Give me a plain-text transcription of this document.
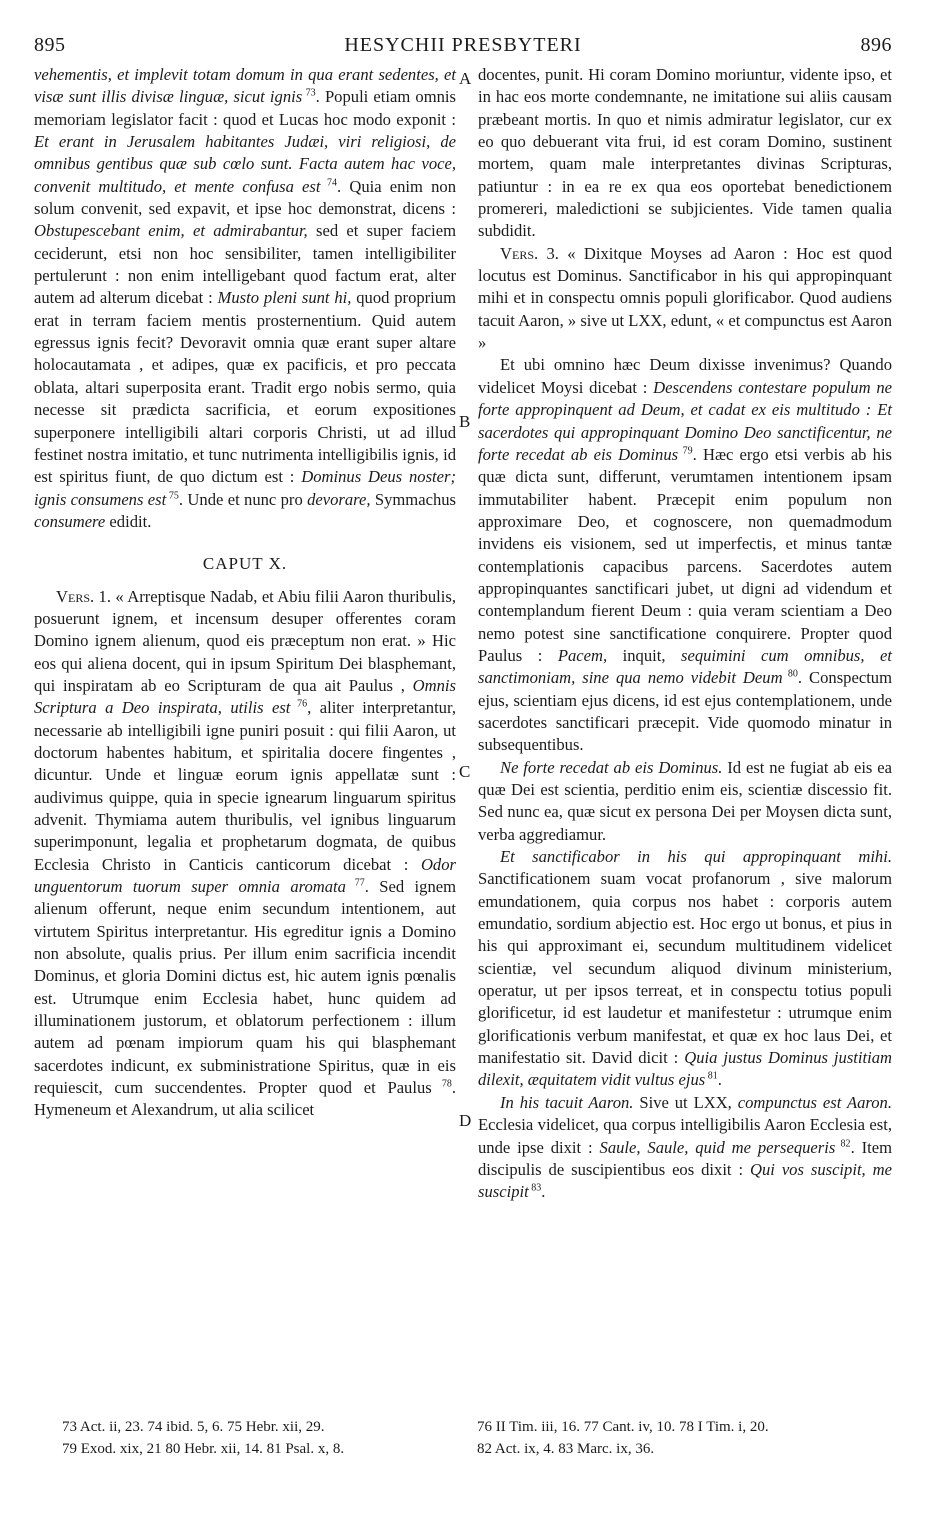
895	HESYCHII PRESBYTERI	896

vehementis, et implevit totam domum in qua erant sedentes, et visæ sunt illis divisæ linguæ, sicut ignis $^{73}$. Populi etiam omnis memoriam legislator facit : quod et Lucas hoc modo exponit : Et erant in Jerusalem habitantes Judæi, viri religiosi, de omnibus gentibus quæ sub cœlo sunt. Facta autem hac voce, convenit multitudo, et mente confusa est $^{74}$. Quia enim non solum convenit, sed expavit, et ipse hoc demonstrat, dicens : Obstupescebant enim, et admirabantur, sed et super faciem ceciderunt, etsi non hoc sensibiliter, tamen intelligibiliter pertulerunt : non enim intelligebant quod factum erat, alter autem ad alterum dicebat : Musto pleni sunt hi, quod proprium erat in terram faciem mentis prosternentium. Quid autem egressus ignis fecit? Devoravit omnia quæ erant super altare holocautamata , et adipes, quæ ex pacificis, et pro peccata oblata, altari superposita erant. Tradit ergo nobis sermo, quia necesse sit prædicta sacrificia, et eorum expositiones superponere intelligibili altari corporis Christi, ut ad illud festinet nostra imitatio, et tunc nutrimenta intelligibilis ignis, id est spiritus fiunt, de quo dictum est : Dominus Deus noster; ignis consumens est $^{75}$. Unde et nunc pro devorare, Symmachus consumere edidit.

CAPUT X.

Vers. 1. « Arreptisque Nadab, et Abiu filii Aaron thuribulis, posuerunt ignem, et incensum desuper offerentes coram Domino ignem alienum, quod eis præceptum non erat. » Hic eos qui aliena docent, qui in ipsum Spiritum Dei blasphemant, qui inspiratam ab eo Scripturam de qua ait Paulus , Omnis Scriptura a Deo inspirata, utilis est $^{76}$, aliter interpretantur, necessarie ab intelligibili igne puniri posuit : qui filii Aaron, ut doctorum habentes habitum, et spiritalia docere fingentes , dicuntur. Unde et linguæ eorum ignis appellatæ sunt : audivimus quippe, quia in specie ignearum linguarum spiritus advenit. Thymiama autem thuribulis, vel ignibus linguarum superimponunt, legalia et prophetarum dogmata, de quibus Ecclesia Christo in Canticis canticorum dicebat : Odor unguentorum tuorum super omnia aromata $^{77}$. Sed ignem alienum offerunt, neque enim secundum intentionem, aut virtutem Spiritus interpretantur. His egreditur ignis a Domino non absolute, qualis prius. Per illum enim sacrificia incendit Dominus, et gloria Domini dictus est, hic autem ignis pœnalis est. Utrumque enim Ecclesia habet, hunc quidem ad illuminationem justorum, et oblatorum perfectionem : illum autem ad pœnam impiorum quam his qui blasphemant sacerdotes indicunt, ex subministratione Spiritus, quæ in eis requiescit, cum succendentes. Propter quod et Paulus $^{78}$. Hymeneum et Alexandrum, ut alia scilicet

docentes, punit. Hi coram Domino moriuntur, vidente ipso, et in hac eos morte condemnante, ne imitatione sui aliis causam præbeant mortis. In quo et nimis admiratur legislator, cur ex eo quo debuerant vita frui, id est coram Domino, sustinent mortem, quam male interpretantes divinas Scripturas, patiuntur : in ea re ex qua eos oportebat benedictionem promereri, maledictioni se subjicientes. Vide tamen qualia subdidit.

Vers. 3. « Dixitque Moyses ad Aaron : Hoc est quod locutus est Dominus. Sanctificabor in his qui appropinquant mihi et in conspectu omnis populi glorificabor. Quod audiens tacuit Aaron, » sive ut LXX, edunt, « et compunctus est Aaron »

Et ubi omnino hæc Deum dixisse invenimus? Quando videlicet Moysi dicebat : Descendens contestare populum ne forte appropinquent ad Deum, et cadat ex eis multitudo : Et sacerdotes qui appropinquant Domino Deo sanctificentur, ne forte recedat ab eis Dominus $^{79}$. Hæc ergo etsi verbis ab his quæ dicta sunt, differunt, verumtamen intentionem ipsam immutabiliter habent. Præcepit enim populum non approximare Deo, et cognoscere, non quemadmodum invidens eis visionem, sed ut imperfectis, et minus tantæ contemplationis capacibus parcens. Sacerdotes autem appropinquantes sanctificari jubet, ut digni ad videndum et contemplandum fierent Deum : quia veram scientiam a Deo nemo potest sine sanctificatione conquirere. Propter quod Paulus : Pacem, inquit, sequimini cum omnibus, et sanctimoniam, sine qua nemo videbit Deum $^{80}$. Conspectum ejus, scientiam ejus dicens, id est ejus contemplationem, unde sacerdotes sanctificari præcepit. Vide quomodo minatur in subsequentibus.

Ne forte recedat ab eis Dominus. Id est ne fugiat ab eis ea quæ Dei est scientia, perditio enim eis, scientiæ discessio fit. Sed nunc ea, quæ sicut ex persona Dei per Moysen dicta sunt, verba aggrediamur.

Et sanctificabor in his qui appropinquant mihi. Sanctificationem suam vocat profanorum , sive malorum emundationem, quia corpus nos habet : corporis autem emundatio, sordium abjectio est. Hoc ergo ut bonus, et pius in his qui approximant ei, secundum multitudinem videlicet scientiæ, vel secundum aliquod divinum ministerium, operatur, ut per ipsos terreat, et in conspectu totius populi glorificetur, id est laudetur et manifestetur : utrumque enim glorificationis verbum manifestat, et quæ ex hoc laus Dei, et manifestatio sit. David dicit : Quia justus Dominus justitiam dilexit, æquitatem vidit vultus ejus $^{81}$.

In his tacuit Aaron. Sive ut LXX, compunctus est Aaron. Ecclesia videlicet, qua corpus intelligibilis Aaron Ecclesia est, unde ipse dixit : Saule, Saule, quid me persequeris $^{82}$. Item discipulis de suscipientibus eos dixit : Qui vos suscipit, me suscipit $^{83}$.

A
B
C
D
73 Act. ii, 23. 74 ibid. 5, 6. 75 Hebr. xii, 29.	76 II Tim. iii, 16. 77 Cant. iv, 10. 78 I Tim. i, 20.
79 Exod. xix, 21 80 Hebr. xii, 14. 81 Psal. x, 8.	82 Act. ix, 4. 83 Marc. ix, 36.
